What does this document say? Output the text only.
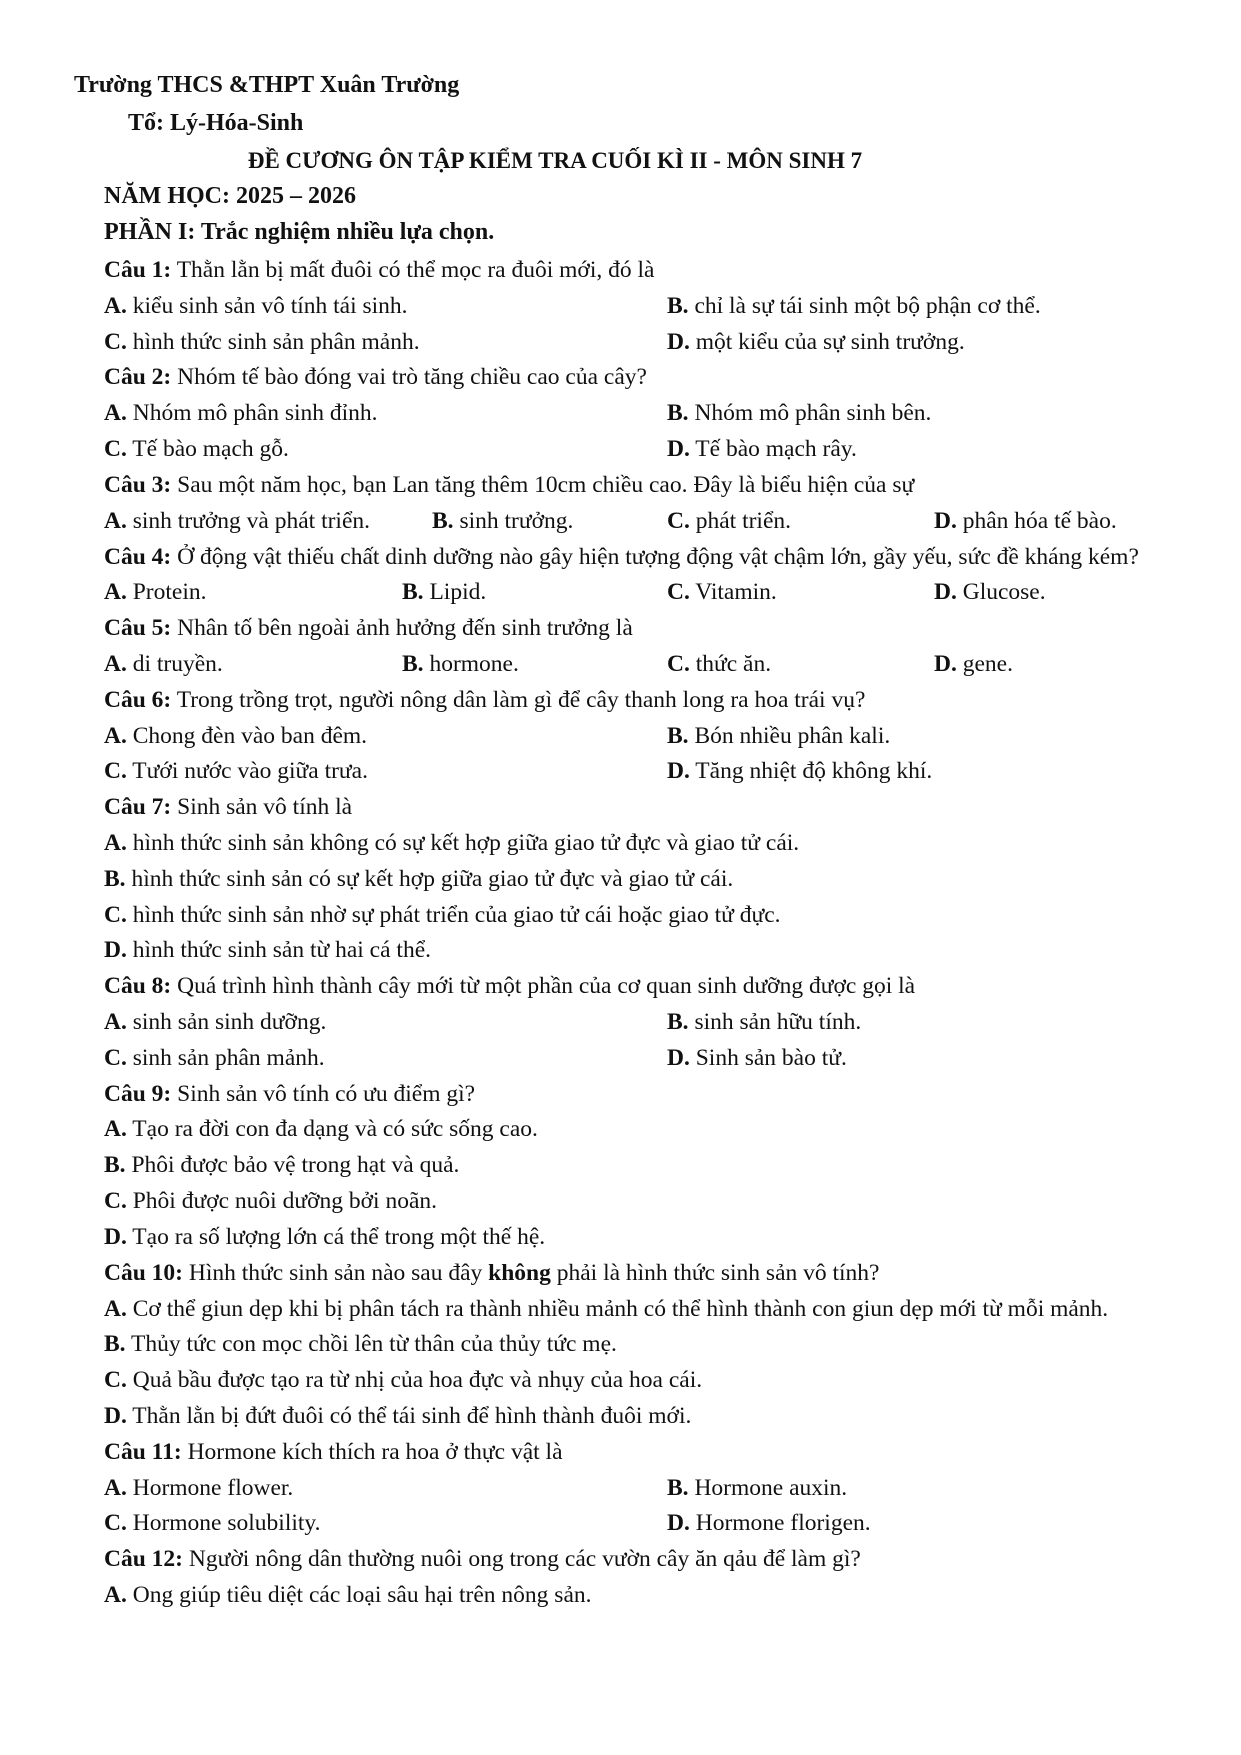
Trường THCS &THPT Xuân Trường
Tổ: Lý-Hóa-Sinh
ĐỀ CƯƠNG ÔN TẬP KIỂM TRA CUỐI KÌ II - MÔN SINH 7
NĂM HỌC: 2025 – 2026
PHẦN I: Trắc nghiệm nhiều lựa chọn.
Câu 1: Thằn lằn bị mất đuôi có thể mọc ra đuôi mới, đó là
A. kiểu sinh sản vô tính tái sinh.	B. chỉ là sự tái sinh một bộ phận cơ thể.
C. hình thức sinh sản phân mảnh.	D. một kiểu của sự sinh trưởng.
Câu 2: Nhóm tế bào đóng vai trò tăng chiều cao của cây?
A. Nhóm mô phân sinh đỉnh.	B. Nhóm mô phân sinh bên.
C. Tế bào mạch gỗ.	D. Tế bào mạch rây.
Câu 3: Sau một năm học, bạn Lan tăng thêm 10cm chiều cao. Đây là biểu hiện của sự
A. sinh trưởng và phát triển.	B. sinh trưởng.	C. phát triển.	D. phân hóa tế bào.
Câu 4: Ở động vật thiếu chất dinh dưỡng nào gây hiện tượng động vật chậm lớn, gầy yếu, sức đề kháng kém?
A. Protein.	B. Lipid.	C. Vitamin.	D. Glucose.
Câu 5: Nhân tố bên ngoài ảnh hưởng đến sinh trưởng là
A. di truyền.	B. hormone.	C. thức ăn.	D. gene.
Câu 6: Trong trồng trọt, người nông dân làm gì để cây thanh long ra hoa trái vụ?
A. Chong đèn vào ban đêm.	B. Bón nhiều phân kali.
C. Tưới nước vào giữa trưa.	D. Tăng nhiệt độ không khí.
Câu 7: Sinh sản vô tính là
A. hình thức sinh sản không có sự kết hợp giữa giao tử đực và giao tử cái.
B. hình thức sinh sản có sự kết hợp giữa giao tử đực và giao tử cái.
C. hình thức sinh sản nhờ sự phát triển của giao tử cái hoặc giao tử đực.
D. hình thức sinh sản từ hai cá thể.
Câu 8: Quá trình hình thành cây mới từ một phần của cơ quan sinh dưỡng được gọi là
A. sinh sản sinh dưỡng.	B. sinh sản hữu tính.
C. sinh sản phân mảnh.	D. Sinh sản bào tử.
Câu 9: Sinh sản vô tính có ưu điểm gì?
A. Tạo ra đời con đa dạng và có sức sống cao.
B. Phôi được bảo vệ trong hạt và quả.
C. Phôi được nuôi dưỡng bởi noãn.
D. Tạo ra số lượng lớn cá thể trong một thế hệ.
Câu 10: Hình thức sinh sản nào sau đây không phải là hình thức sinh sản vô tính?
A. Cơ thể giun dẹp khi bị phân tách ra thành nhiều mảnh có thể hình thành con giun dẹp mới từ mỗi mảnh.
B. Thủy tức con mọc chồi lên từ thân của thủy tức mẹ.
C. Quả bầu được tạo ra từ nhị của hoa đực và nhụy của hoa cái.
D. Thằn lằn bị đứt đuôi có thể tái sinh để hình thành đuôi mới.
Câu 11: Hormone kích thích ra hoa ở thực vật là
A. Hormone flower.	B. Hormone auxin.
C. Hormone solubility.	D. Hormone florigen.
Câu 12: Người nông dân thường nuôi ong trong các vườn cây ăn qảu để làm gì?
A. Ong giúp tiêu diệt các loại sâu hại trên nông sản.
